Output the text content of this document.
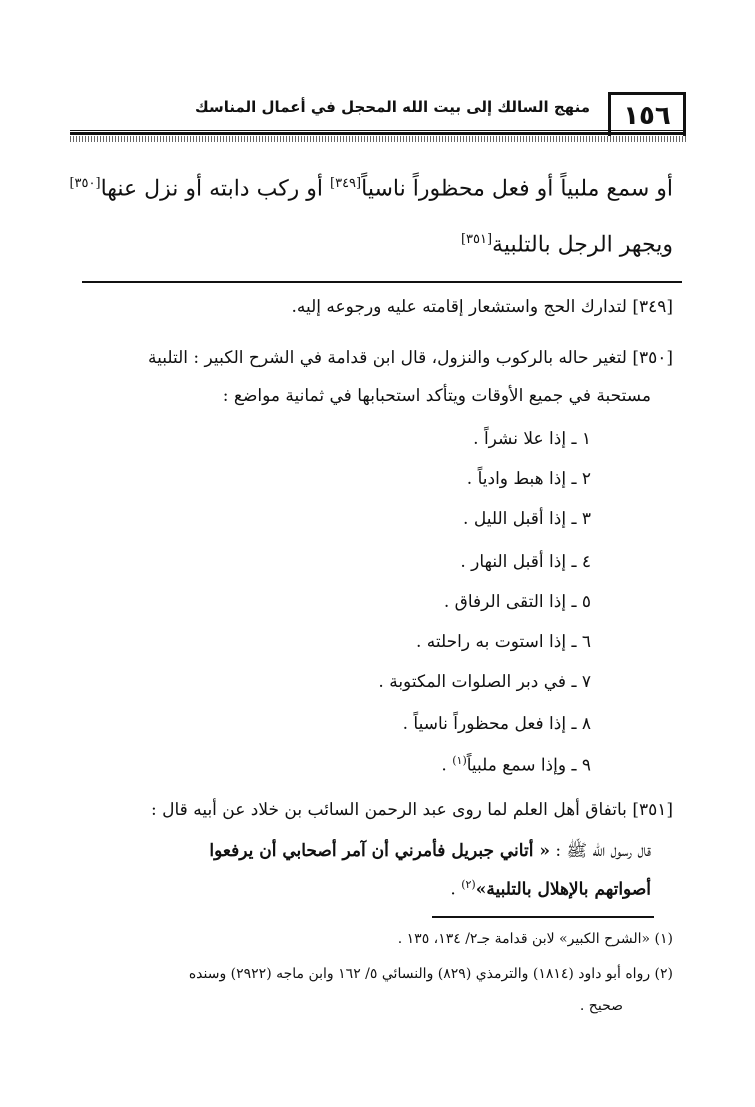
١٥٦
منهج السالك إلى بيت الله المحجل في أعمال المناسك
أو سمع ملبياً أو فعل محظوراً ناسياً[٣٤٩] أو ركب دابته أو نزل عنها[٣٥٠]
ويجهر الرجل بالتلبية[٣٥١]
[٣٤٩] لتدارك الحج واستشعار إقامته عليه ورجوعه إليه.
[٣٥٠] لتغير حاله بالركوب والنزول، قال ابن قدامة في الشرح الكبير : التلبية
مستحبة في جميع الأوقات ويتأكد استحبابها في ثمانية مواضع :
١ ـ إذا علا نشراً .
٢ ـ إذا هبط وادياً .
٣ ـ إذا أقبل الليل .
٤ ـ إذا أقبل النهار .
٥ ـ إذا التقى الرفاق .
٦ ـ إذا استوت به راحلته .
٧ ـ في دبر الصلوات المكتوبة .
٨ ـ إذا فعل محظوراً ناسياً .
٩ ـ وإذا سمع ملبياً$^{(١)}$ .
[٣٥١] باتفاق أهل العلم لما روى عبد الرحمن السائب بن خلاد عن أبيه قال :
قال رسول الله ﷺ : « أتاني جبريل فأمرني أن آمر أصحابي أن يرفعوا
أصواتهم بالإهلال بالتلبية»$^{(٢)}$ .
(١) «الشرح الكبير» لابن قدامة جـ٢/ ١٣٤، ١٣٥ .
(٢) رواه أبو داود (١٨١٤) والترمذي (٨٢٩) والنسائي ٥/ ١٦٢ وابن ماجه (٢٩٢٢) وسنده
صحيح .
